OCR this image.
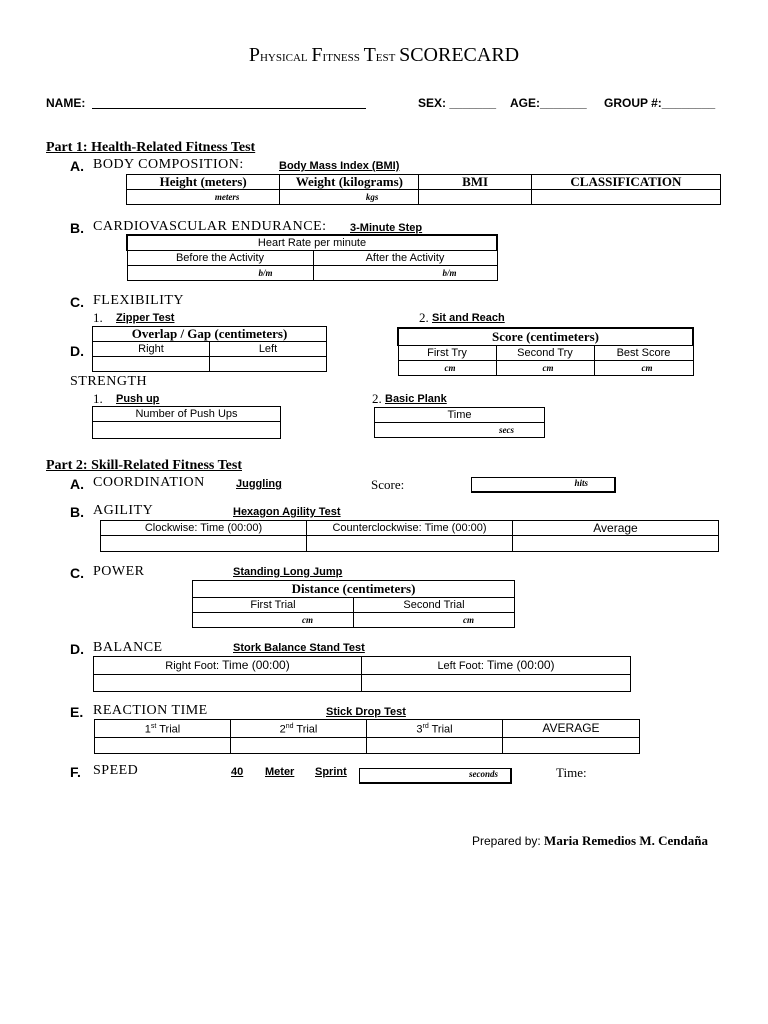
Physical Fitness Test SCORECARD
NAME:	SEX: _______ AGE:_______ GROUP #:________
Part 1: Health-Related Fitness Test
A. BODY COMPOSITION:	Body Mass Index (BMI)
Height (meters)	Weight (kilograms)	BMI	CLASSIFICATION
meters	kgs		
B. CARDIOVASCULAR ENDURANCE: 3-Minute Step
Heart Rate per minute	
Before the Activity	After the Activity
b/m	b/m
C. FLEXIBILITY
1. Zipper Test
Overlap / Gap (centimeters)	
Right	Left

2. Sit and Reach
Score (centimeters)		
First Try	Second Try	Best Score
cm	cm	cm
D.
STRENGTH
1. Push up
Number of Push Ups

2. Basic Plank
Time
secs
Part 2: Skill-Related Fitness Test
A. COORDINATION	Juggling	Score:	hits
B. AGILITY	Hexagon Agility Test
Clockwise: Time (00:00)	Counterclockwise: Time (00:00)	Average

C. POWER	Standing Long Jump
Distance (centimeters)	
First Trial	Second Trial
cm	cm
D. BALANCE	Stork Balance Stand Test
Right Foot: Time (00:00)	Left Foot: Time (00:00)

E. REACTION TIME	Stick Drop Test
1st Trial	2nd Trial	3rd Trial	AVERAGE

F. SPEED	40 Meter Sprint	seconds	Time:
Prepared by: Maria Remedios M. Cendaña
